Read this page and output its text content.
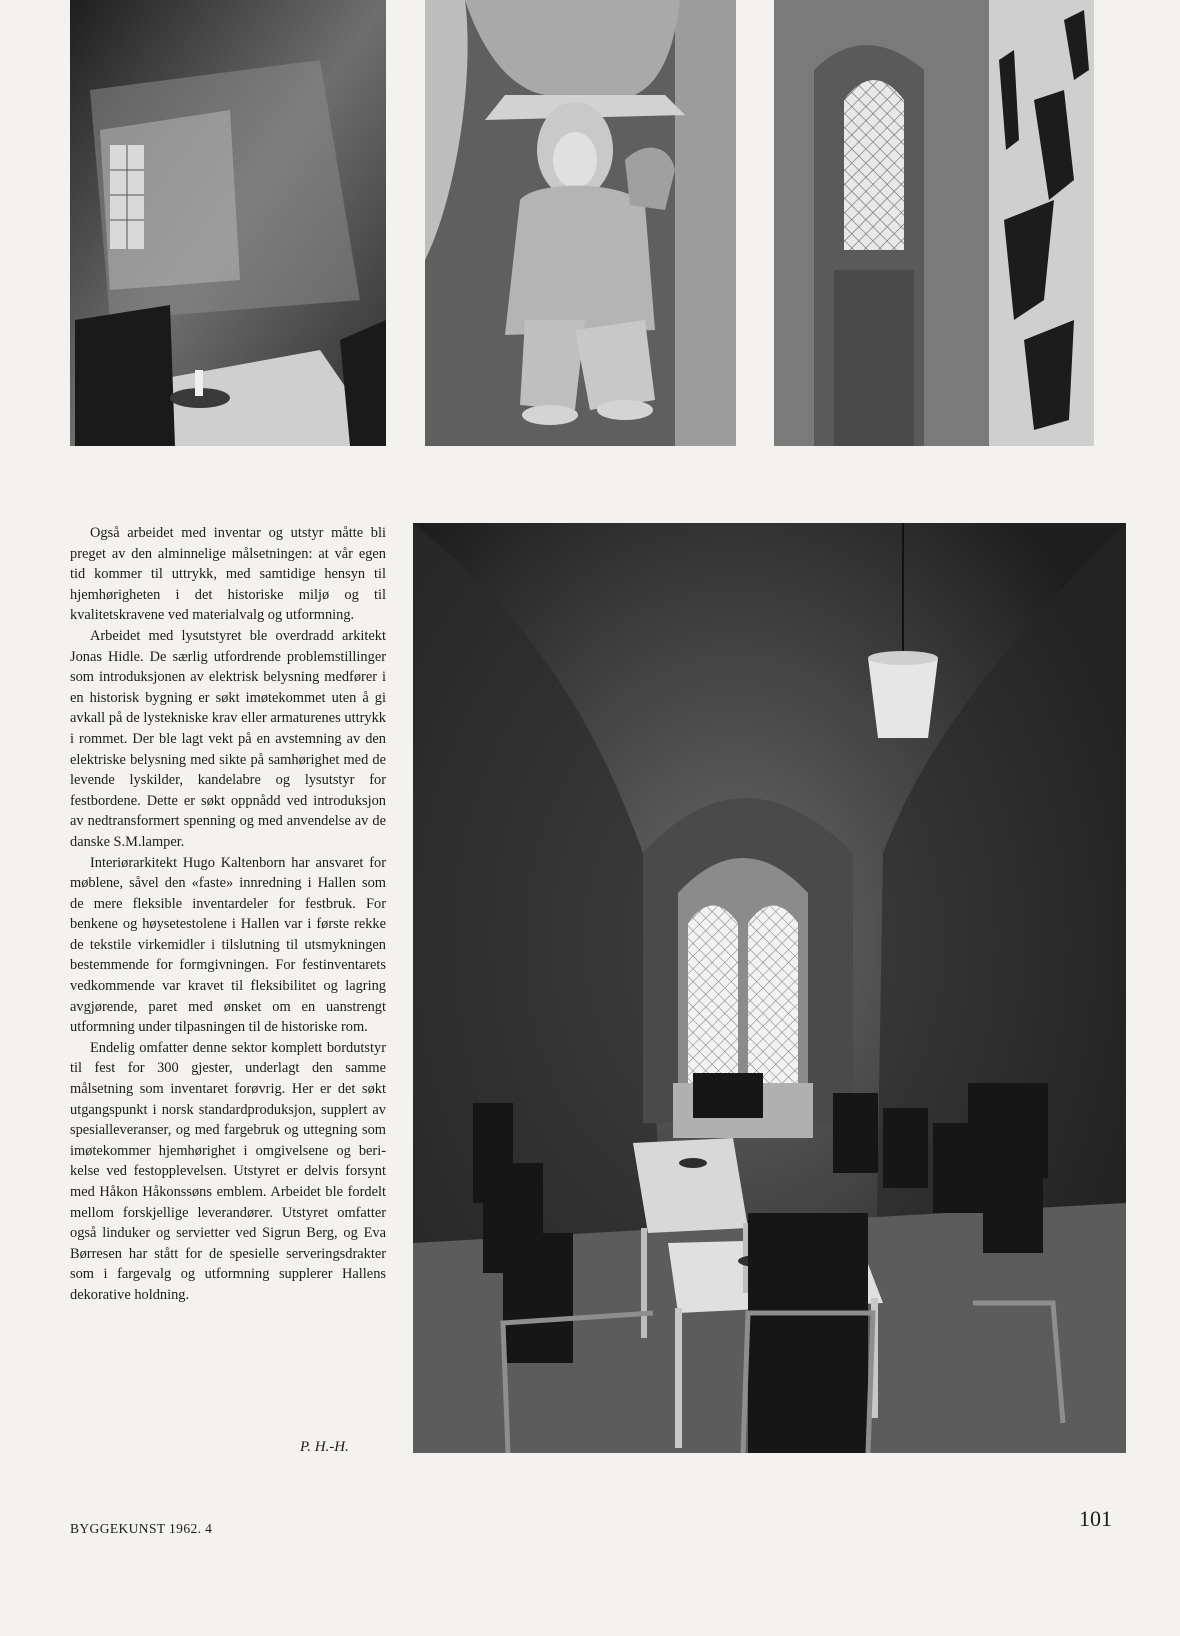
Også arbeidet med inventar og utstyr måtte bli preget av den alminnelige målsetningen: at vår egen tid kommer til uttrykk, med samtidige hensyn til hjemhørigheten i det historiske miljø og til kvalitetskravene ved materialvalg og utformning.

Arbeidet med lysutstyret ble overdradd arkitekt Jonas Hidle. De særlig utfordrende problemstillinger som introduksjonen av elektrisk belysning medfører i en historisk bygning er søkt imøtekommet uten å gi avkall på de lystekniske krav eller armaturenes uttrykk i rommet. Der ble lagt vekt på en avstemning av den elektriske belysning med sikte på samhørighet med de levende lyskilder, kandelabre og lysutstyr for festbordene. Dette er søkt oppnådd ved introduksjon av nedtransformert spenning og med anvendelse av de danske S.M.lamper.

Interiørarkitekt Hugo Kaltenborn har ansvaret for møblene, såvel den «faste» innredning i Hallen som de mere fleksible inventardeler for festbruk. For benkene og høysetestolene i Hallen var i første rekke de tekstile virkemidler i tilslutning til utsmykningen bestemmende for formgivningen. For festinventarets vedkommende var kravet til fleksibilitet og lagring avgjørende, paret med ønsket om en uanstrengt utformning under tilpasningen til de historiske rom.

Endelig omfatter denne sektor komplett bordutstyr til fest for 300 gjester, underlagt den samme målsetning som inventaret forøvrig. Her er det søkt utgangspunkt i norsk standardproduksjon, supplert av spesialleveranser, og med fargebruk og uttegning som imøtekommer hjemhørighet i omgivelsene og berikelse ved festopplevelsen. Utstyret er delvis forsynt med Håkon Håkonssøns emblem. Arbeidet ble fordelt mellom forskjellige leverandører. Utstyret omfatter også linduker og servietter ved Sigrun Berg, og Eva Børresen har stått for de spesielle serveringsdrakter som i fargevalg og utformning supplerer Hallens dekorative holdning.

P. H.-H.
BYGGEKUNST 1962. 4	101
